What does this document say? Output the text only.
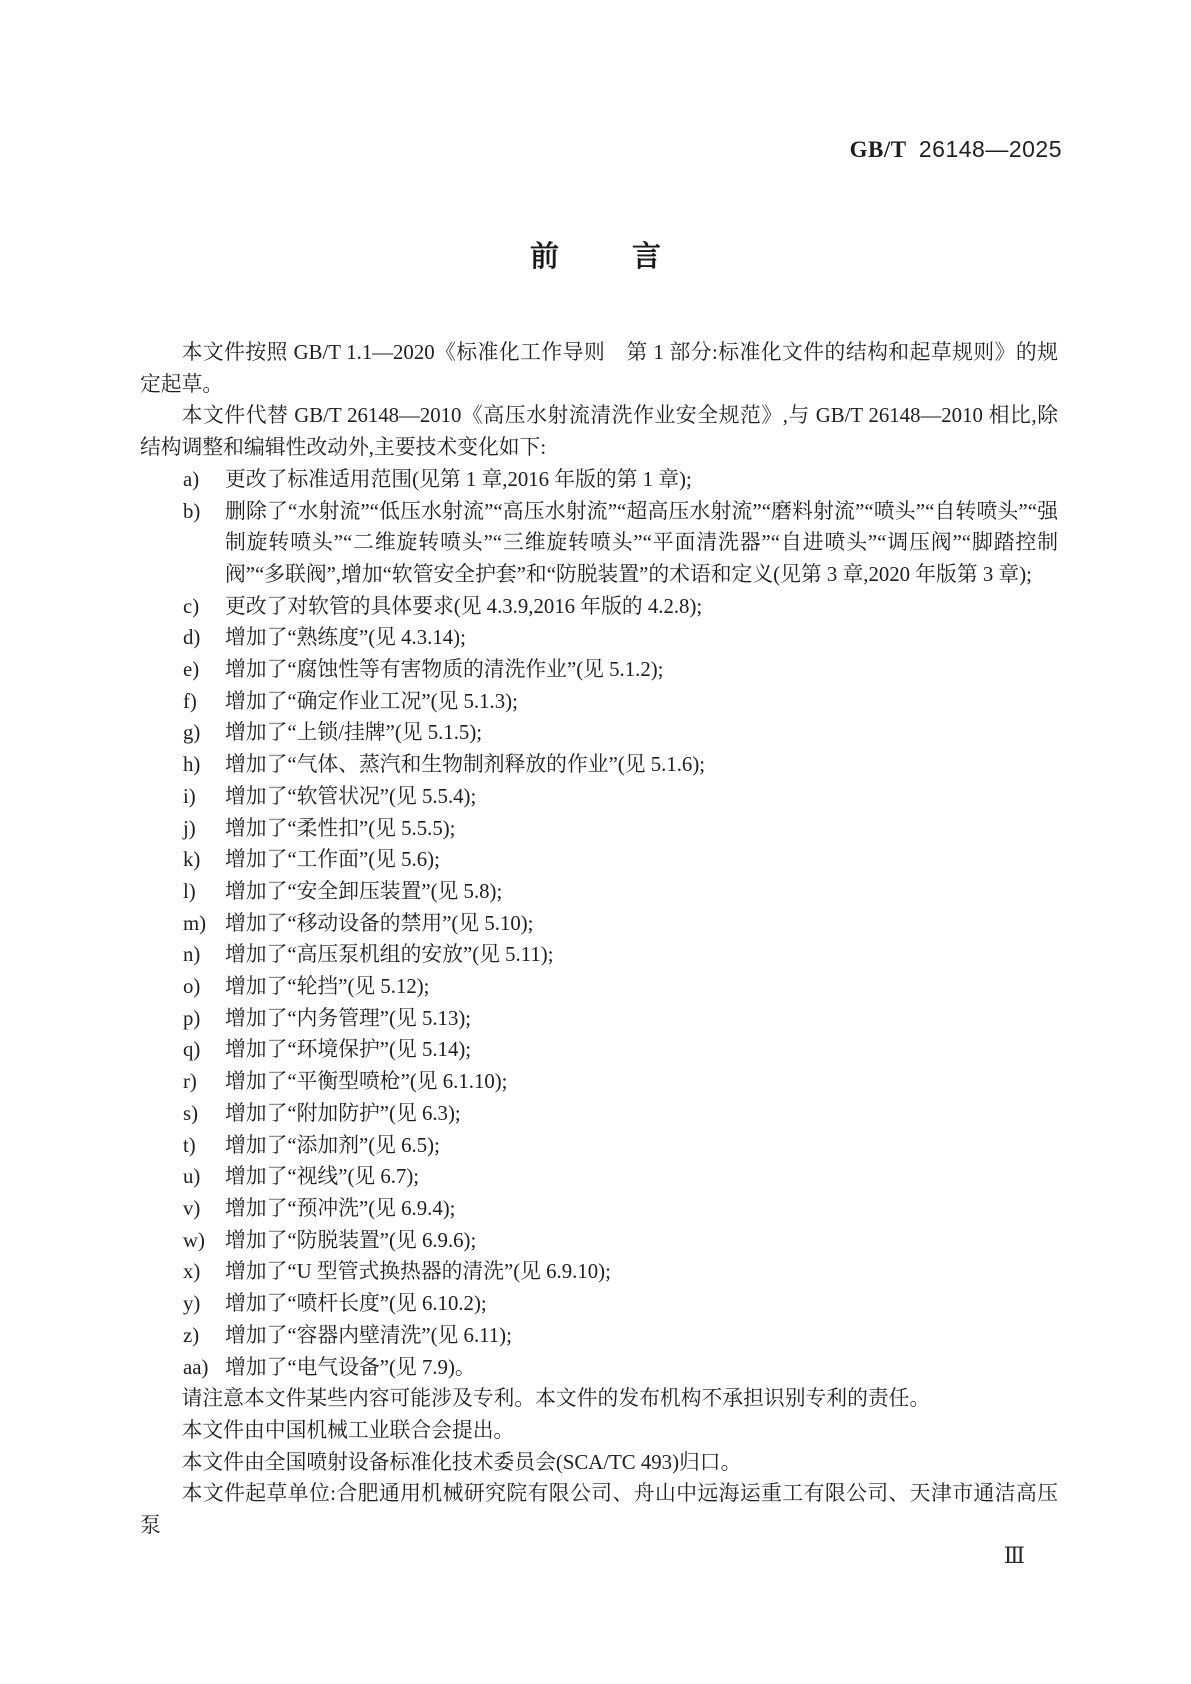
GB/T 26148—2025
前	言

本文件按照 GB/T 1.1—2020《标准化工作导则　第 1 部分:标准化文件的结构和起草规则》的规定起草。

本文件代替 GB/T 26148—2010《高压水射流清洗作业安全规范》,与 GB/T 26148—2010 相比,除结构调整和编辑性改动外,主要技术变化如下:

a)	更改了标准适用范围(见第 1 章,2016 年版的第 1 章);
b)	删除了“水射流”“低压水射流”“高压水射流”“超高压水射流”“磨料射流”“喷头”“自转喷头”“强制旋转喷头”“二维旋转喷头”“三维旋转喷头”“平面清洗器”“自进喷头”“调压阀”“脚踏控制阀”“多联阀”,增加“软管安全护套”和“防脱装置”的术语和定义(见第 3 章,2020 年版第 3 章);
c)	更改了对软管的具体要求(见 4.3.9,2016 年版的 4.2.8);
d)	增加了“熟练度”(见 4.3.14);
e)	增加了“腐蚀性等有害物质的清洗作业”(见 5.1.2);
f)	增加了“确定作业工况”(见 5.1.3);
g)	增加了“上锁/挂牌”(见 5.1.5);
h)	增加了“气体、蒸汽和生物制剂释放的作业”(见 5.1.6);
i)	增加了“软管状况”(见 5.5.4);
j)	增加了“柔性扣”(见 5.5.5);
k)	增加了“工作面”(见 5.6);
l)	增加了“安全卸压装置”(见 5.8);
m) 增加了“移动设备的禁用”(见 5.10);
n)	增加了“高压泵机组的安放”(见 5.11);
o)	增加了“轮挡”(见 5.12);
p)	增加了“内务管理”(见 5.13);
q)	增加了“环境保护”(见 5.14);
r)	增加了“平衡型喷枪”(见 6.1.10);
s)	增加了“附加防护”(见 6.3);
t)	增加了“添加剂”(见 6.5);
u)	增加了“视线”(见 6.7);
v)	增加了“预冲洗”(见 6.9.4);
w) 增加了“防脱装置”(见 6.9.6);
x)	增加了“U 型管式换热器的清洗”(见 6.9.10);
y)	增加了“喷杆长度”(见 6.10.2);
z)	增加了“容器内壁清洗”(见 6.11);
aa) 增加了“电气设备”(见 7.9)。

请注意本文件某些内容可能涉及专利。本文件的发布机构不承担识别专利的责任。

本文件由中国机械工业联合会提出。

本文件由全国喷射设备标准化技术委员会(SCA/TC 493)归口。

本文件起草单位:合肥通用机械研究院有限公司、舟山中远海运重工有限公司、天津市通洁高压泵

Ⅲ
